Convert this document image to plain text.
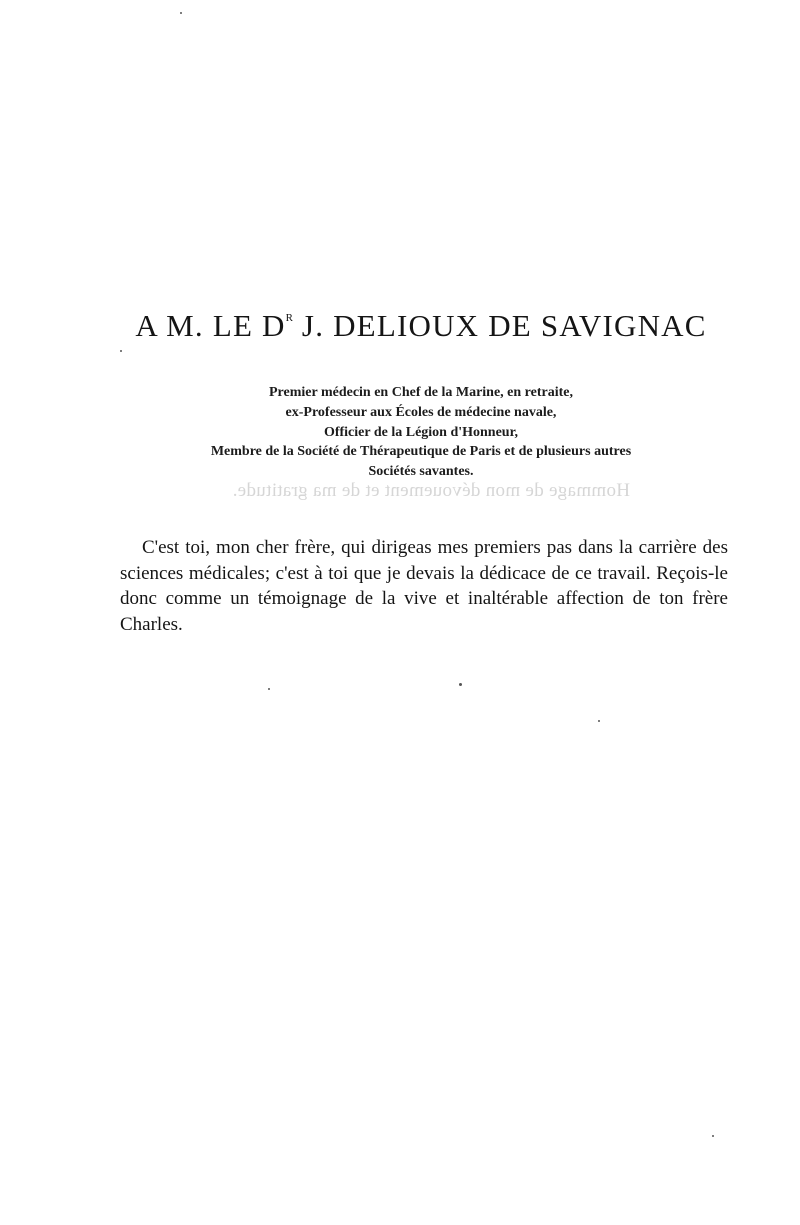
Hommage de mon dévouement et de ma gratitude.
A M. LE $D^R$ J. DELIOUX DE SAVIGNAC
Premier médecin en Chef de la Marine, en retraite,
ex-Professeur aux Écoles de médecine navale,
Officier de la Légion d'Honneur,
Membre de la Société de Thérapeutique de Paris et de plusieurs autres
Sociétés savantes.
C'est toi, mon cher frère, qui dirigeas mes premiers pas dans la carrière des sciences médicales; c'est à toi que je devais la dédicace de ce travail. Reçois-le donc comme un témoignage de la vive et inaltérable affection de ton frère Charles.
